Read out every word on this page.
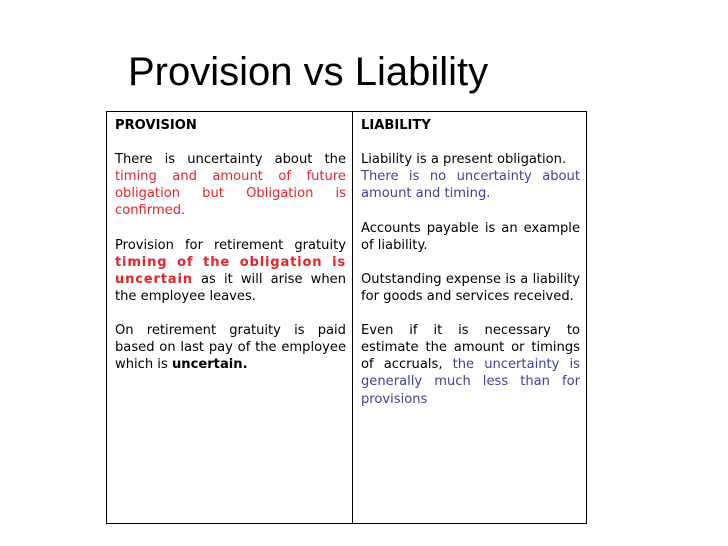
Provision vs Liability

PROVISION

There is uncertainty about the timing and amount of future obligation but Obligation is confirmed.

Provision for retirement gratuity timing of the obligation is uncertain as it will arise when the employee leaves.

On retirement gratuity is paid based on last pay of the employee which is uncertain.

LIABILITY

Liability is a present obligation.
There is no uncertainty about amount and timing.

Accounts payable is an example of liability.

Outstanding expense is a liability for goods and services received.

Even if it is necessary to estimate the amount or timings of accruals, the uncertainty is generally much less than for provisions
